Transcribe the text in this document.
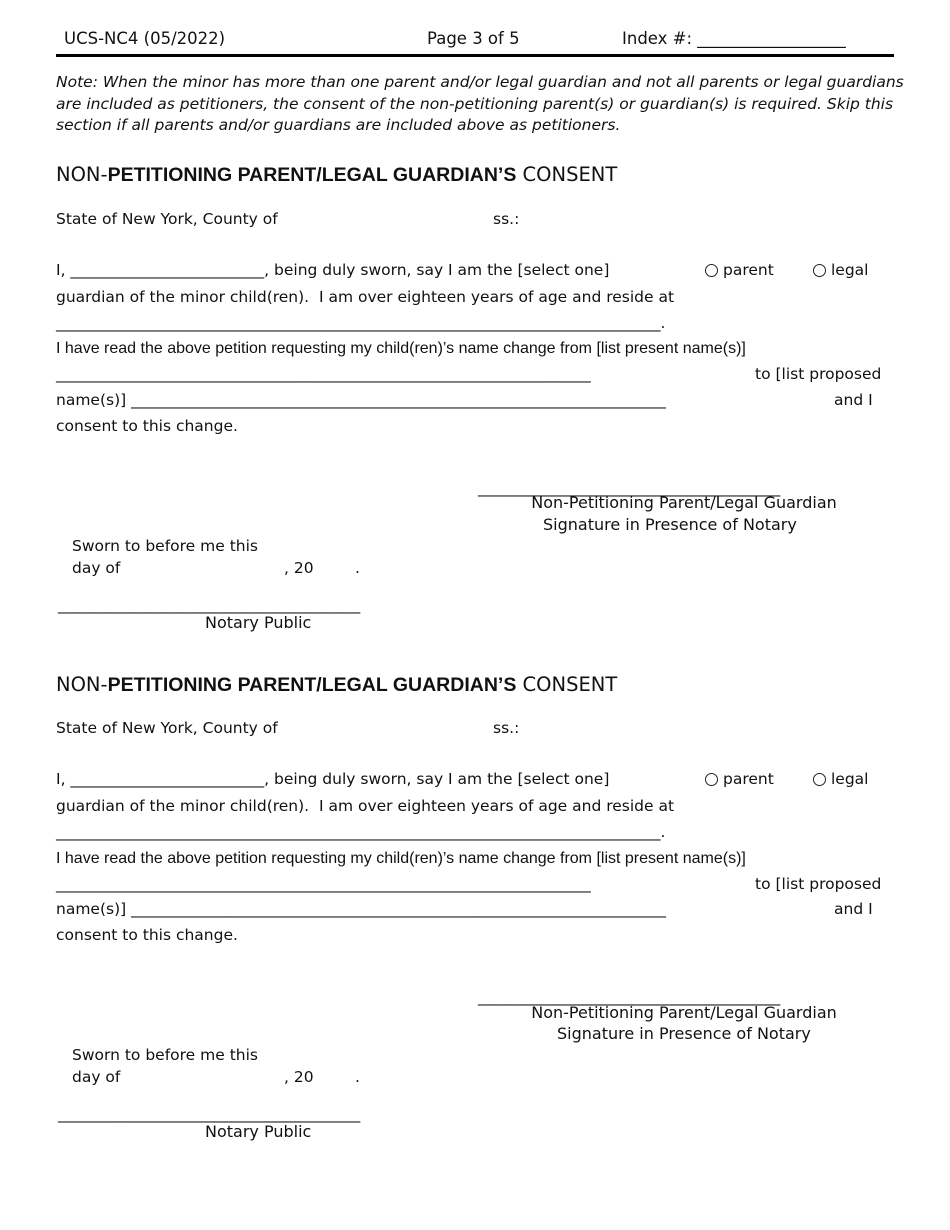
UCS-NC4 (05/2022)	Page 3 of 5	Index #: __________________
Note: When the minor has more than one parent and/or legal guardian and not all parents or legal guardians are included as petitioners, the consent of the non-petitioning parent(s) or guardian(s) is required. Skip this section if all parents and/or guardians are included above as petitioners.
NON-PETITIONING PARENT/LEGAL GUARDIAN’S CONSENT
State of New York, County of	ss.:
I, _________________________, being duly sworn, say I am the [select one]	parent	legal
guardian of the minor child(ren).  I am over eighteen years of age and reside at
______________________________________________________________________________.
I have read the above petition requesting my child(ren)’s name change from [list present name(s)]
_____________________________________________________________________	to [list proposed
name(s)] _____________________________________________________________________	and I
consent to this change.
_______________________________________
Non-Petitioning Parent/Legal Guardian
Signature in Presence of Notary
Sworn to before me this
day of	, 20	.
_______________________________________
Notary Public
NON-PETITIONING PARENT/LEGAL GUARDIAN’S CONSENT
State of New York, County of	ss.:
I, _________________________, being duly sworn, say I am the [select one]	parent	legal
guardian of the minor child(ren).  I am over eighteen years of age and reside at
______________________________________________________________________________.
I have read the above petition requesting my child(ren)’s name change from [list present name(s)]
_____________________________________________________________________	to [list proposed
name(s)] _____________________________________________________________________	and I
consent to this change.
_______________________________________
Non-Petitioning Parent/Legal Guardian
Signature in Presence of Notary
Sworn to before me this
day of	, 20	.
_______________________________________
Notary Public
